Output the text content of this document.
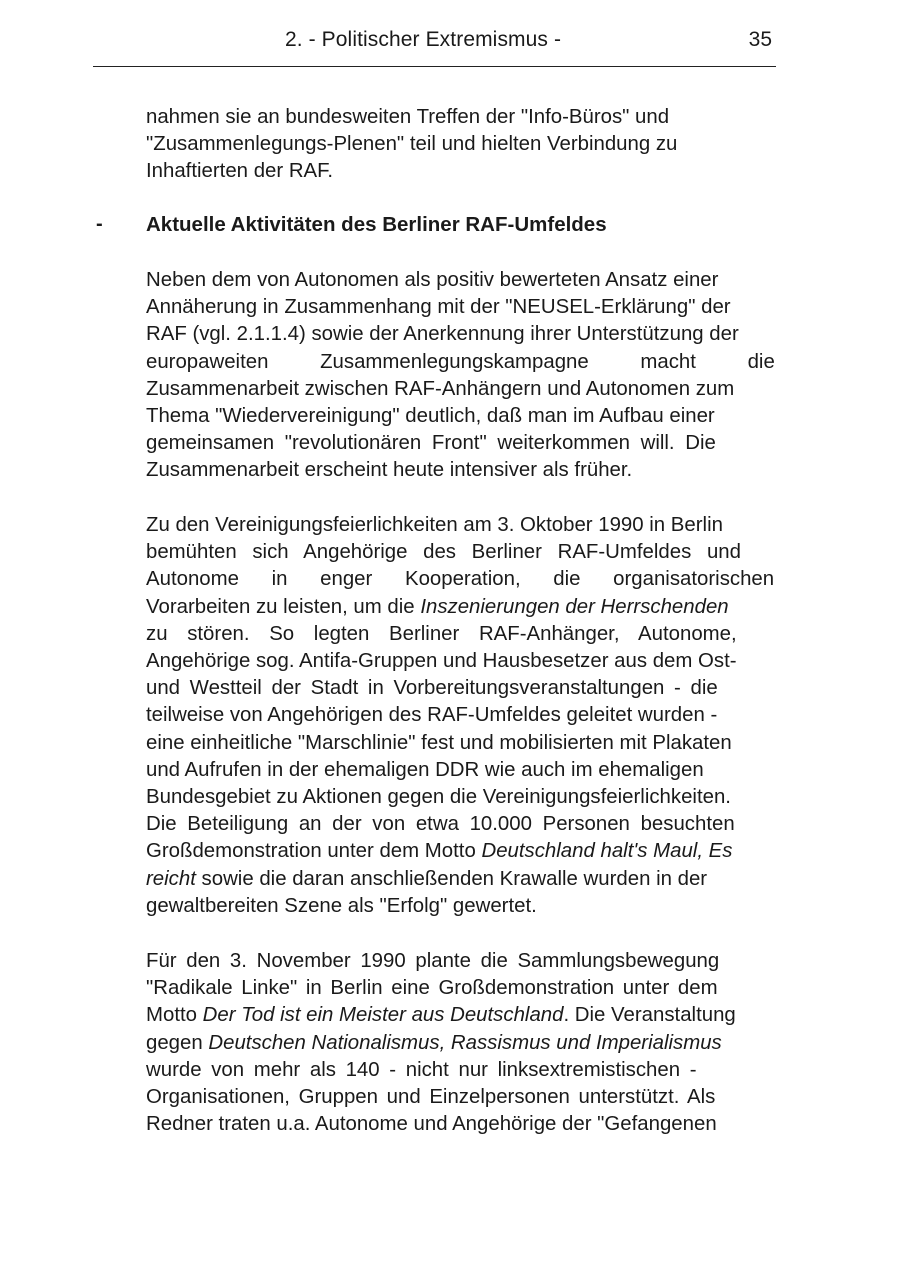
2. - Politischer Extremismus -	35
nahmen sie an bundesweiten Treffen der "Info-Büros" und
"Zusammenlegungs-Plenen" teil und hielten Verbindung zu
Inhaftierten der RAF.
- Aktuelle Aktivitäten des Berliner RAF-Umfeldes
Neben dem von Autonomen als positiv bewerteten Ansatz einer
Annäherung in Zusammenhang mit der "NEUSEL-Erklärung" der
RAF (vgl. 2.1.1.4) sowie der Anerkennung ihrer Unterstützung der
europaweiten Zusammenlegungskampagne macht die
Zusammenarbeit zwischen RAF-Anhängern und Autonomen zum
Thema "Wiedervereinigung" deutlich, daß man im Aufbau einer
gemeinsamen "revolutionären Front" weiterkommen will. Die
Zusammenarbeit erscheint heute intensiver als früher.
Zu den Vereinigungsfeierlichkeiten am 3. Oktober 1990 in Berlin
bemühten sich Angehörige des Berliner RAF-Umfeldes und
Autonome in enger Kooperation, die organisatorischen
Vorarbeiten zu leisten, um die Inszenierungen der Herrschenden
zu stören. So legten Berliner RAF-Anhänger, Autonome,
Angehörige sog. Antifa-Gruppen und Hausbesetzer aus dem Ost-
und Westteil der Stadt in Vorbereitungsveranstaltungen - die
teilweise von Angehörigen des RAF-Umfeldes geleitet wurden -
eine einheitliche "Marschlinie" fest und mobilisierten mit Plakaten
und Aufrufen in der ehemaligen DDR wie auch im ehemaligen
Bundesgebiet zu Aktionen gegen die Vereinigungsfeierlichkeiten.
Die Beteiligung an der von etwa 10.000 Personen besuchten
Großdemonstration unter dem Motto Deutschland halt's Maul, Es
reicht sowie die daran anschließenden Krawalle wurden in der
gewaltbereiten Szene als "Erfolg" gewertet.
Für den 3. November 1990 plante die Sammlungsbewegung
"Radikale Linke" in Berlin eine Großdemonstration unter dem
Motto Der Tod ist ein Meister aus Deutschland. Die Veranstaltung
gegen Deutschen Nationalismus, Rassismus und Imperialismus
wurde von mehr als 140 - nicht nur linksextremistischen -
Organisationen, Gruppen und Einzelpersonen unterstützt. Als
Redner traten u.a. Autonome und Angehörige der "Gefangenen
